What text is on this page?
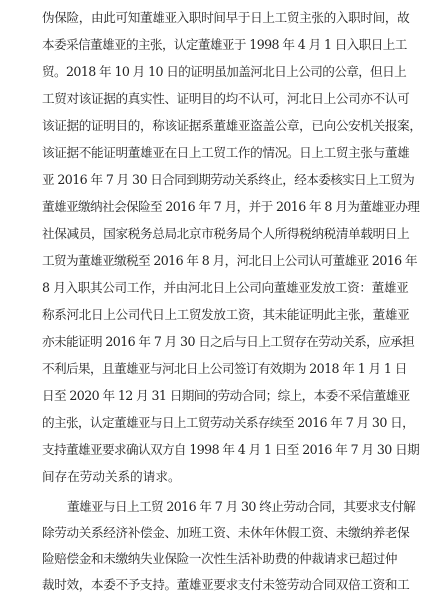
伪保险，由此可知董雄亚入职时间早于日上工贸主张的入职时间，故
本委采信董雄亚的主张，认定董雄亚于 1998 年 4 月 1 日入职日上工
贸。2018 年 10 月 10 日的证明虽加盖河北日上公司的公章，但日上
工贸对该证据的真实性、证明目的均不认可，河北日上公司亦不认可
该证据的证明目的，称该证据系董雄亚盗盖公章，已向公安机关报案，
该证据不能证明董雄亚在日上工贸工作的情况。日上工贸主张与董雄
亚 2016 年 7 月 30 日合同到期劳动关系终止，经本委核实日上工贸为
董雄亚缴纳社会保险至 2016 年 7 月，并于 2016 年 8 月为董雄亚办理
社保减员，国家税务总局北京市税务局个人所得税纳税清单载明日上
工贸为董雄亚缴税至 2016 年 8 月，河北日上公司认可董雄亚 2016 年
8 月入职其公司工作，并由河北日上公司向董雄亚发放工资：董雄亚
称系河北日上公司代日上工贸发放工资，其未能证明此主张，董雄亚
亦未能证明 2016 年 7 月 30 日之后与日上工贸存在劳动关系，应承担
不利后果，且董雄亚与河北日上公司签订有效期为 2018 年 1 月 1 日
日至 2020 年 12 月 31 日期间的劳动合同；综上，本委不采信董雄亚
的主张，认定董雄亚与日上工贸劳动关系存续至 2016 年 7 月 30 日，
支持董雄亚要求确认双方自 1998 年 4 月 1 日至 2016 年 7 月 30 日期
间存在劳动关系的请求。
董雄亚与日上工贸 2016 年 7 月 30 终止劳动合同，其要求支付解
除劳动关系经济补偿金、加班工资、未休年休假工资、未缴纳养老保
险赔偿金和未缴纳失业保险一次性生活补助费的仲裁请求已超过仲
裁时效，本委不予支持。董雄亚要求支付未签劳动合同双倍工资和工
